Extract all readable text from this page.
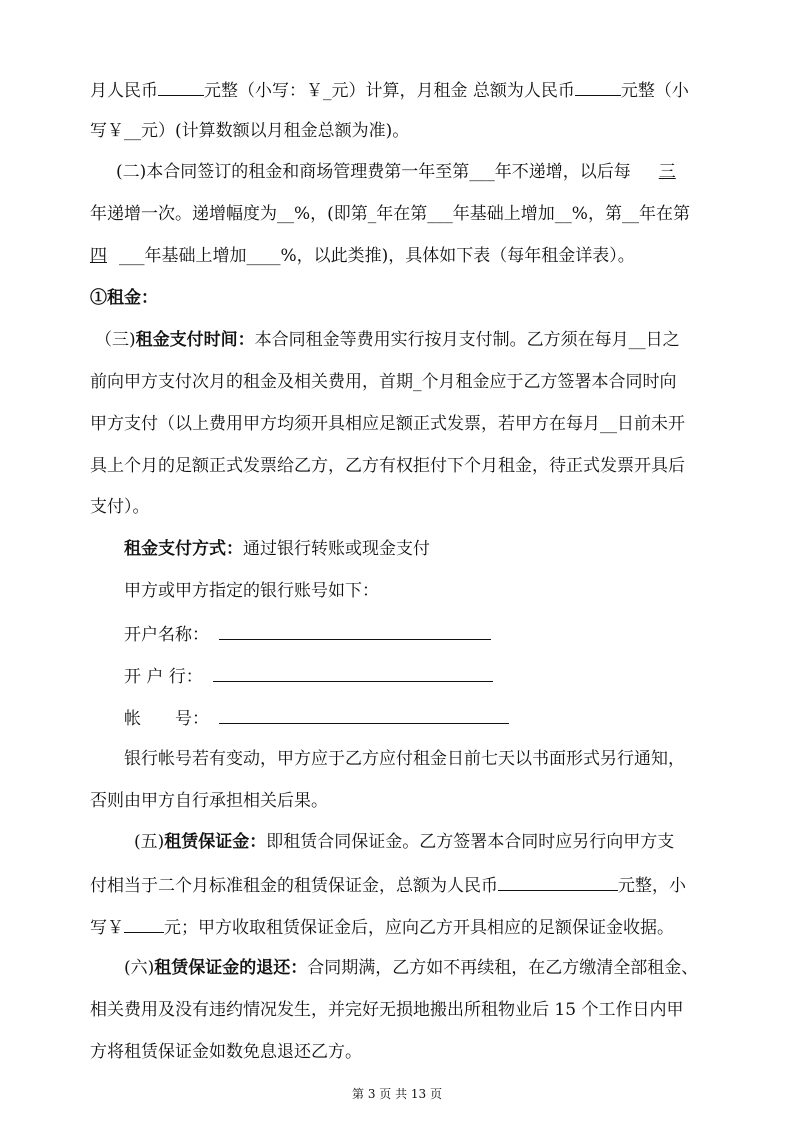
月人民币	元整（小写：￥_元）计算，月租金 总额为人民币	元整（小
写￥__元）(计算数额以月租金总额为准)。
(二)本合同签订的租金和商场管理费第一年至第___年不递增，以后每 三
年递增一次。递增幅度为__%，(即第_年在第___年基础上增加__%，第__年在第
四 ___年基础上增加____%，以此类推)，具体如下表（每年租金详表）。
①租金：
（三)租金支付时间：本合同租金等费用实行按月支付制。乙方须在每月__日之
前向甲方支付次月的租金及相关费用，首期_个月租金应于乙方签署本合同时向
甲方支付（以上费用甲方均须开具相应足额正式发票，若甲方在每月__日前未开
具上个月的足额正式发票给乙方，乙方有权拒付下个月租金，待正式发票开具后
支付）。
租金支付方式：通过银行转账或现金支付
甲方或甲方指定的银行账号如下：
开户名称：
开 户 行：
帐　　号：
银行帐号若有变动，甲方应于乙方应付租金日前七天以书面形式另行通知，
否则由甲方自行承担相关后果。
(五)租赁保证金：即租赁合同保证金。乙方签署本合同时应另行向甲方支
付相当于二个月标准租金的租赁保证金，总额为人民币	元整，小
写￥ 元；甲方收取租赁保证金后，应向乙方开具相应的足额保证金收据。
(六)租赁保证金的退还：合同期满，乙方如不再续租，在乙方缴清全部租金、
相关费用及没有违约情况发生，并完好无损地搬出所租物业后 15 个工作日内甲
方将租赁保证金如数免息退还乙方。
第 3 页 共 13 页
